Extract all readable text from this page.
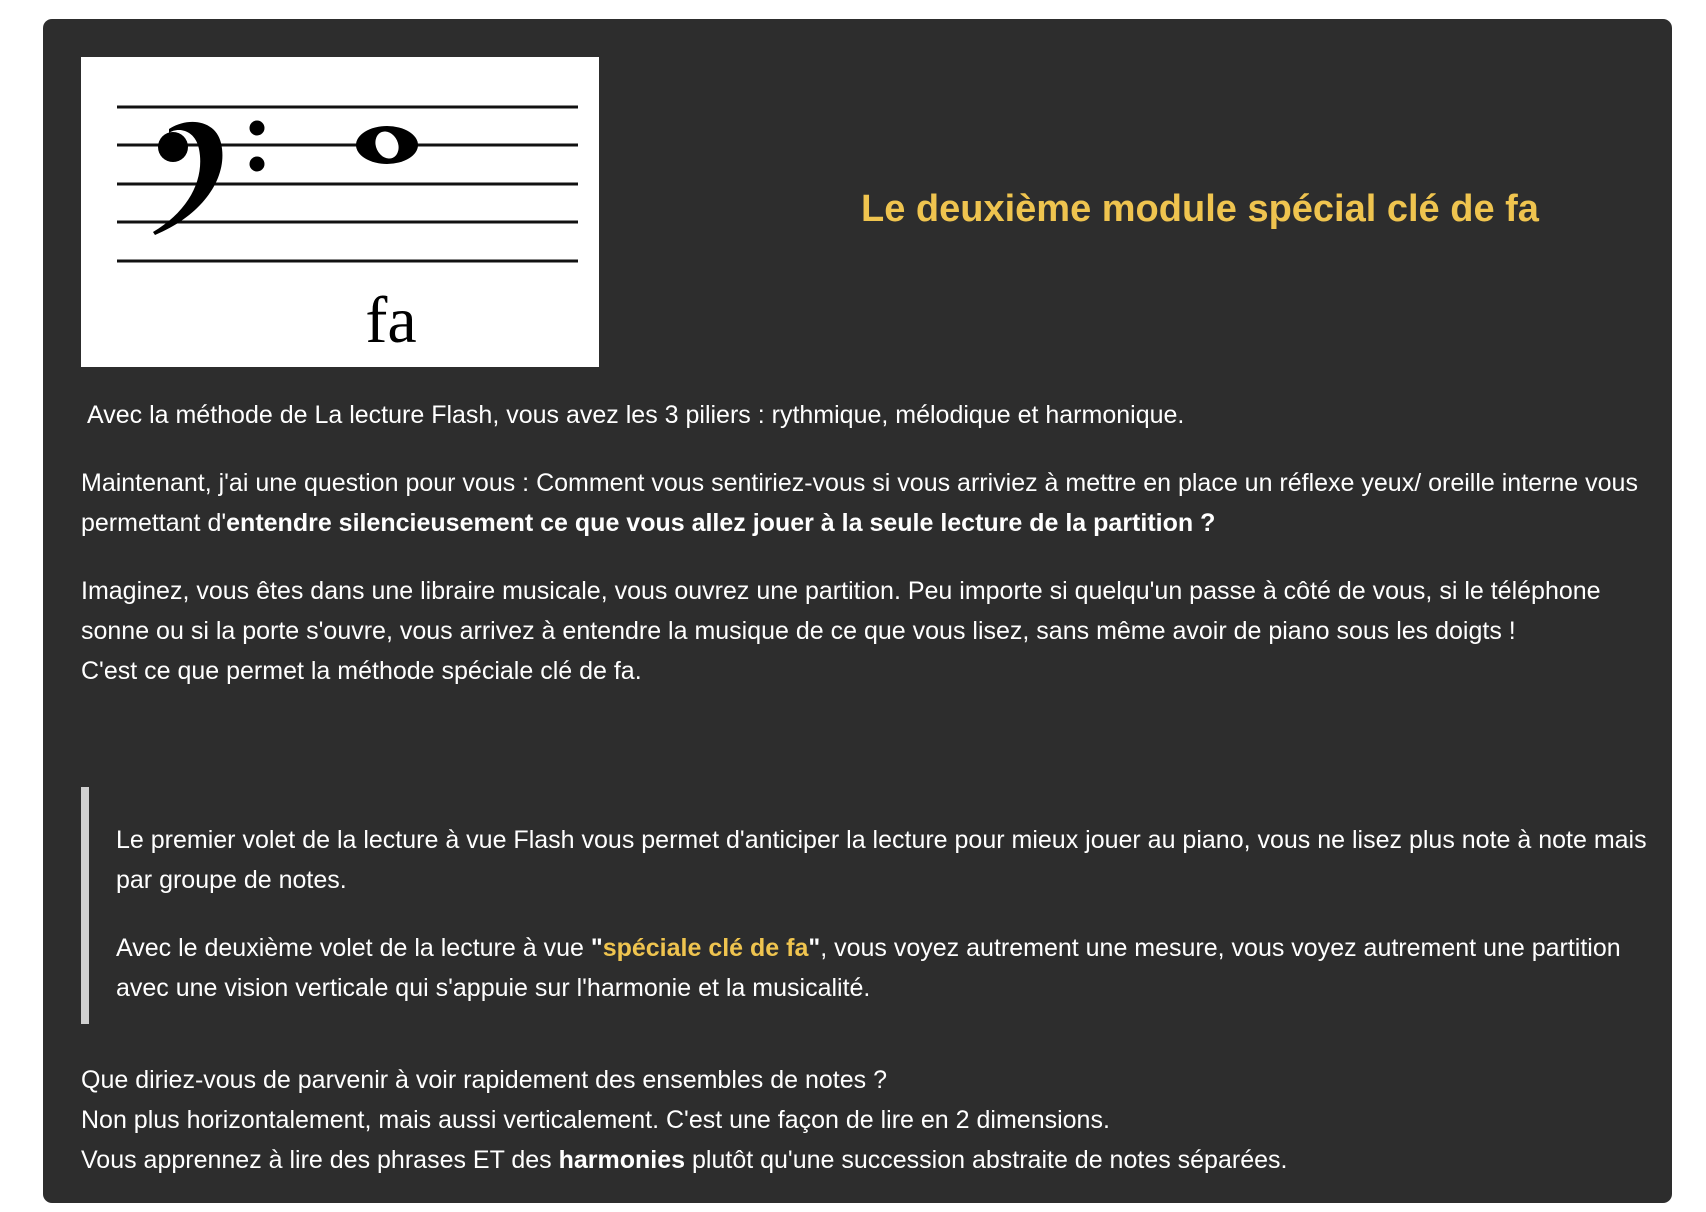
fa
Le deuxième module spécial clé de fa

Avec la méthode de La lecture Flash, vous avez les 3 piliers : rythmique, mélodique et harmonique.

Maintenant, j'ai une question pour vous : Comment vous sentiriez-vous si vous arriviez à mettre en place un réflexe yeux/ oreille interne vous permettant d'entendre silencieusement ce que vous allez jouer à la seule lecture de la partition ?

Imaginez, vous êtes dans une libraire musicale, vous ouvrez une partition. Peu importe si quelqu'un passe à côté de vous, si le téléphone sonne ou si la porte s'ouvre, vous arrivez à entendre la musique de ce que vous lisez, sans même avoir de piano sous les doigts !
C'est ce que permet la méthode spéciale clé de fa.

Le premier volet de la lecture à vue Flash vous permet d'anticiper la lecture pour mieux jouer au piano, vous ne lisez plus note à note mais par groupe de notes.

Avec le deuxième volet de la lecture à vue "spéciale clé de fa", vous voyez autrement une mesure, vous voyez autrement une partition avec une vision verticale qui s'appuie sur l'harmonie et la musicalité.

Que diriez-vous de parvenir à voir rapidement des ensembles de notes ?
Non plus horizontalement, mais aussi verticalement. C'est une façon de lire en 2 dimensions.
Vous apprennez à lire des phrases ET des harmonies plutôt qu'une succession abstraite de notes séparées.
